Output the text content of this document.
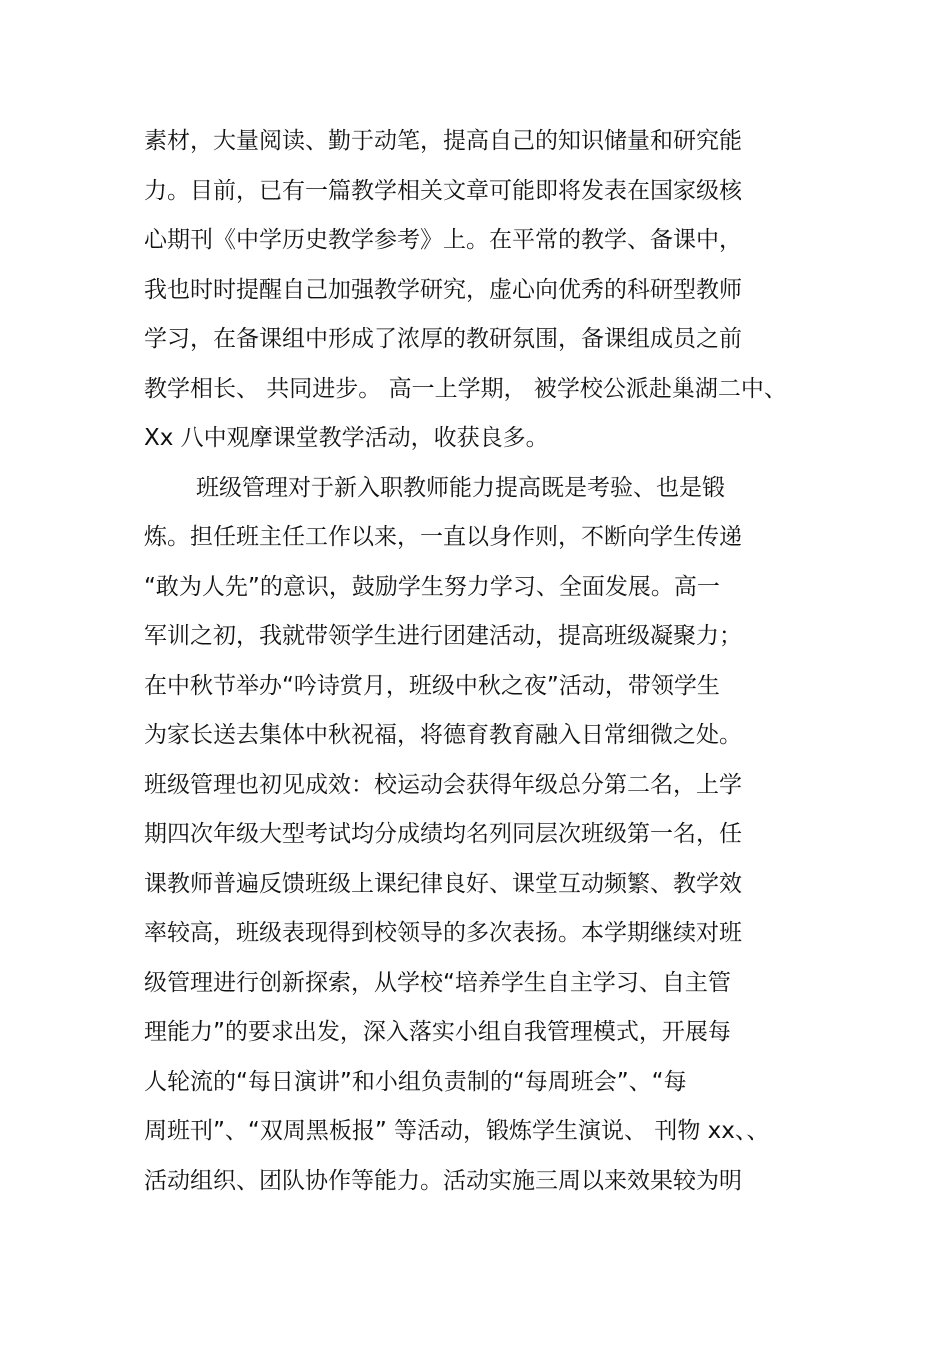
素材，大量阅读、勤于动笔，提高自己的知识储量和研究能
力。目前，已有一篇教学相关文章可能即将发表在国家级核
心期刊《中学历史教学参考》上。在平常的教学、备课中，
我也时时提醒自己加强教学研究，虚心向优秀的科研型教师
学习，在备课组中形成了浓厚的教研氛围，备课组成员之前
教学相长、 共同进步。 高一上学期， 被学校公派赴巢湖二中、
Xx 八中观摩课堂教学活动，收获良多。
班级管理对于新入职教师能力提高既是考验、也是锻
炼。担任班主任工作以来，一直以身作则，不断向学生传递
“敢为人先”的意识，鼓励学生努力学习、全面发展。高一
军训之初，我就带领学生进行团建活动，提高班级凝聚力；
在中秋节举办“吟诗赏月，班级中秋之夜”活动，带领学生
为家长送去集体中秋祝福，将德育教育融入日常细微之处。
班级管理也初见成效：校运动会获得年级总分第二名，上学
期四次年级大型考试均分成绩均名列同层次班级第一名，任
课教师普遍反馈班级上课纪律良好、课堂互动频繁、教学效
率较高，班级表现得到校领导的多次表扬。本学期继续对班
级管理进行创新探索，从学校“培养学生自主学习、自主管
理能力”的要求出发，深入落实小组自我管理模式，开展每
人轮流的“每日演讲”和小组负责制的“每周班会”、“每
周班刊”、“双周黑板报” 等活动，锻炼学生演说、 刊物 xx、、
活动组织、团队协作等能力。活动实施三周以来效果较为明
